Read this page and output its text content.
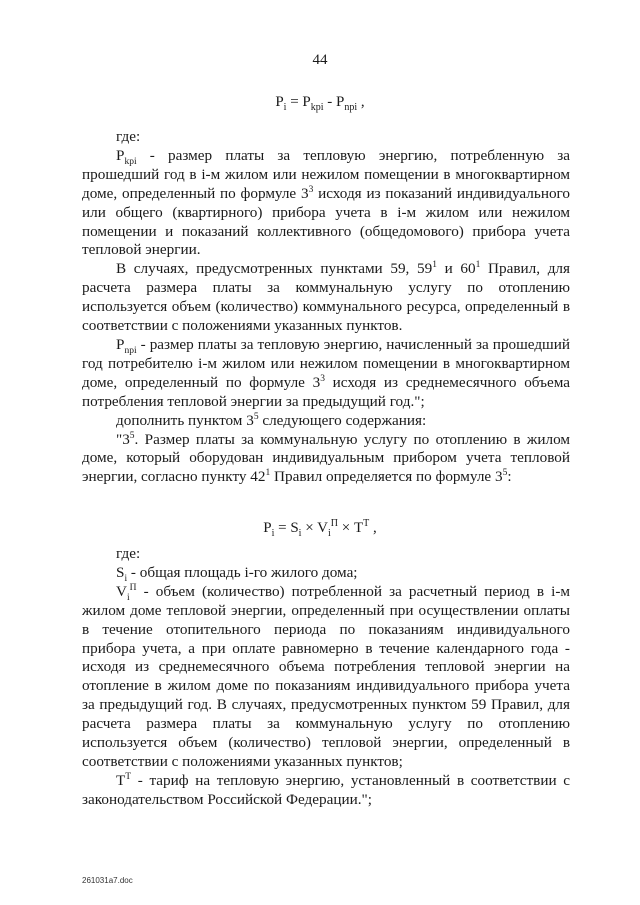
44
$P_i = P_{kpi} - P_{npi}$ ,

где:

$P_{kpi}$ - размер платы за тепловую энергию, потребленную за прошедший год в i-м жилом или нежилом помещении в многоквартирном доме, определенный по формуле $3^3$ исходя из показаний индивидуального или общего (квартирного) прибора учета в i-м жилом или нежилом помещении и показаний коллективного (общедомового) прибора учета тепловой энергии.

В случаях, предусмотренных пунктами 59, $59^1$ и $60^1$ Правил, для расчета размера платы за коммунальную услугу по отоплению используется объем (количество) коммунального ресурса, определенный в соответствии с положениями указанных пунктов.

$P_{npi}$ - размер платы за тепловую энергию, начисленный за прошедший год потребителю i-м жилом или нежилом помещении в многоквартирном доме, определенный по формуле $3^3$ исходя из среднемесячного объема потребления тепловой энергии за предыдущий год.";

дополнить пунктом $3^5$ следующего содержания:

"$3^5$. Размер платы за коммунальную услугу по отоплению в жилом доме, который оборудован индивидуальным прибором учета тепловой энергии, согласно пункту $42^1$ Правил определяется по формуле $3^5$:

$P_i = S_i \times V_i^П \times T^T$ ,

где:

$S_i$ - общая площадь i-го жилого дома;

$V_i^П$ - объем (количество) потребленной за расчетный период в i-м жилом доме тепловой энергии, определенный при осуществлении оплаты в течение отопительного периода по показаниям индивидуального прибора учета, а при оплате равномерно в течение календарного года - исходя из среднемесячного объема потребления тепловой энергии на отопление в жилом доме по показаниям индивидуального прибора учета за предыдущий год. В случаях, предусмотренных пунктом 59 Правил, для расчета размера платы за коммунальную услугу по отоплению используется объем (количество) тепловой энергии, определенный в соответствии с положениями указанных пунктов;

$T^T$ - тариф на тепловую энергию, установленный в соответствии с законодательством Российской Федерации.";

261031a7.doc
